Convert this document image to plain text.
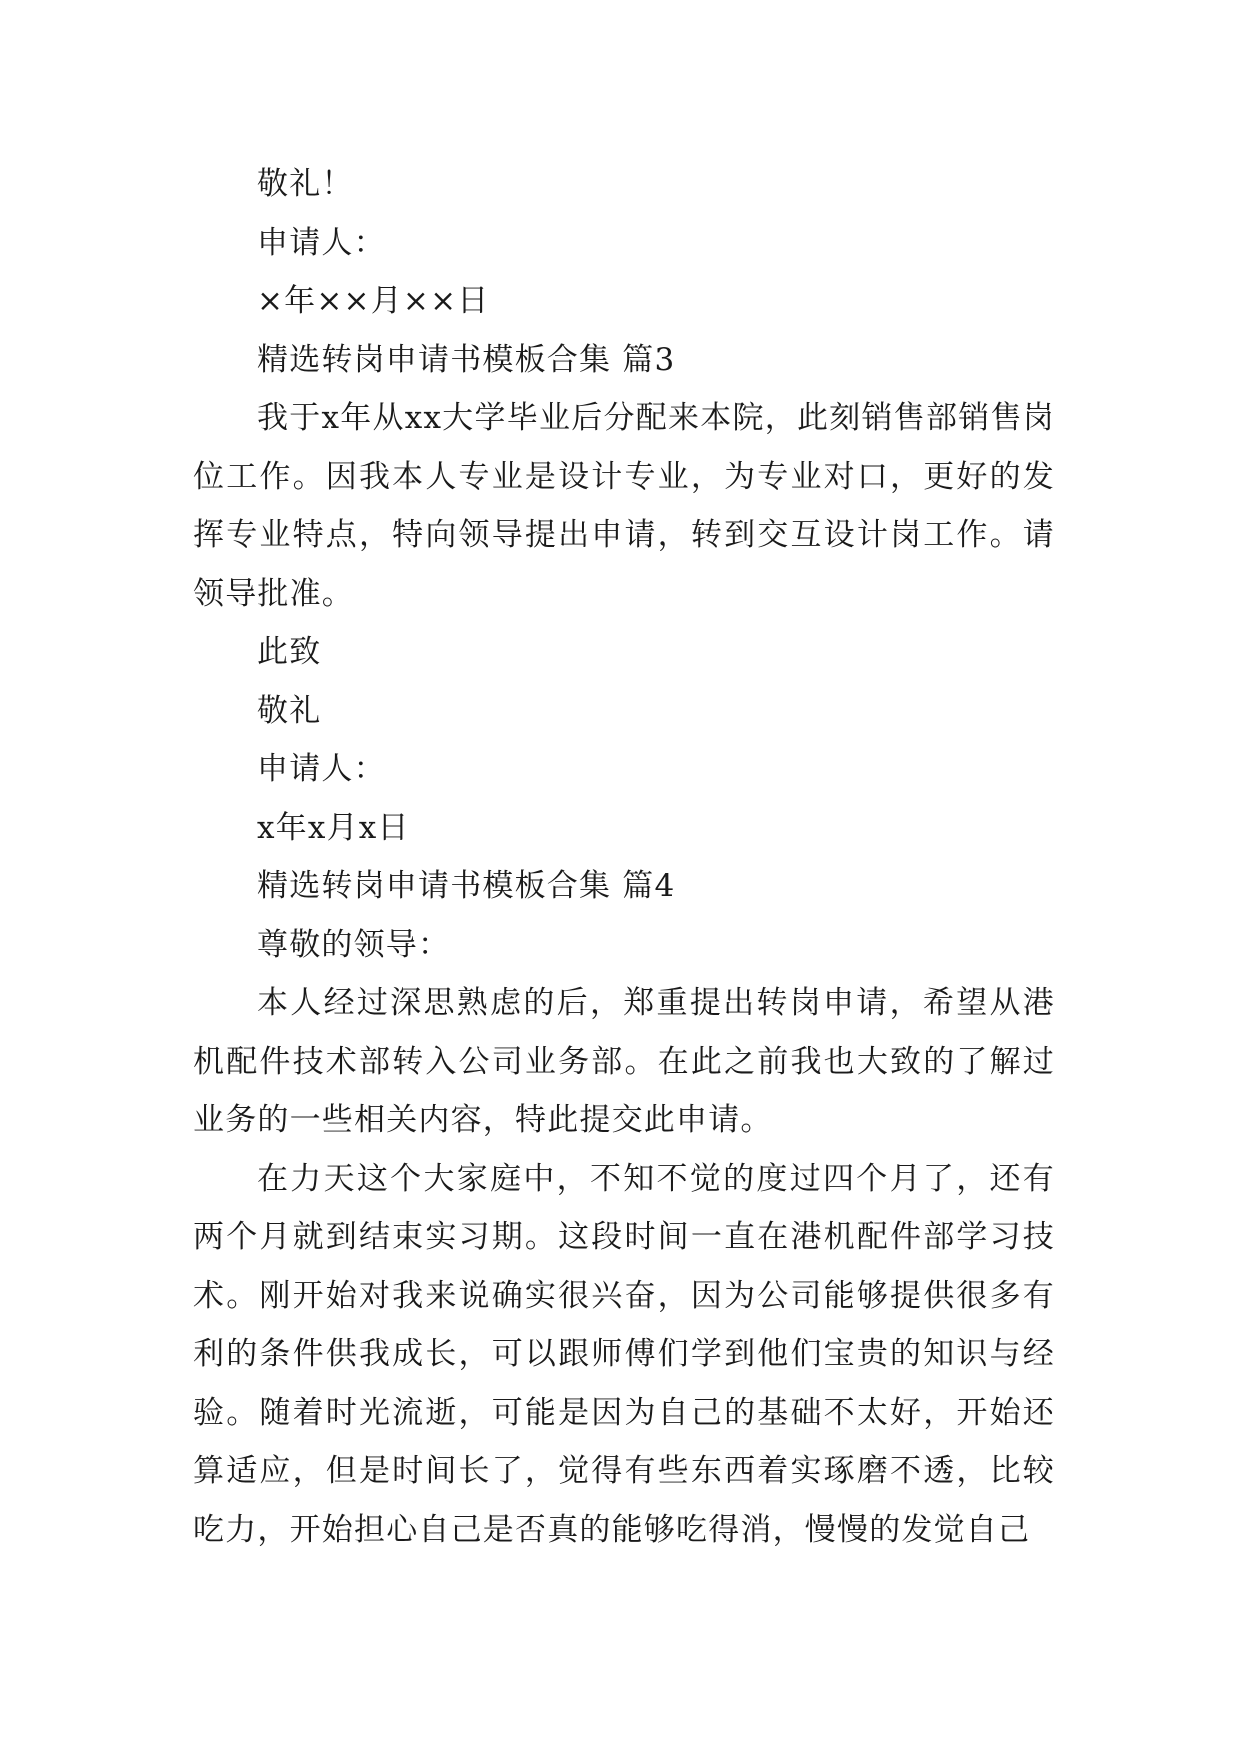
敬礼！

申请人：

×年××月××日

精选转岗申请书模板合集 篇3

我于x年从xx大学毕业后分配来本院，此刻销售部销售岗位工作。因我本人专业是设计专业，为专业对口，更好的发挥专业特点，特向领导提出申请，转到交互设计岗工作。请领导批准。

此致

敬礼

申请人：

x年x月x日

精选转岗申请书模板合集 篇4

尊敬的领导：

本人经过深思熟虑的后，郑重提出转岗申请，希望从港机配件技术部转入公司业务部。在此之前我也大致的了解过业务的一些相关内容，特此提交此申请。

在力天这个大家庭中，不知不觉的度过四个月了，还有两个月就到结束实习期。这段时间一直在港机配件部学习技术。刚开始对我来说确实很兴奋，因为公司能够提供很多有利的条件供我成长，可以跟师傅们学到他们宝贵的知识与经验。随着时光流逝，可能是因为自己的基础不太好，开始还算适应，但是时间长了，觉得有些东西着实琢磨不透，比较吃力，开始担心自己是否真的能够吃得消，慢慢的发觉自己
